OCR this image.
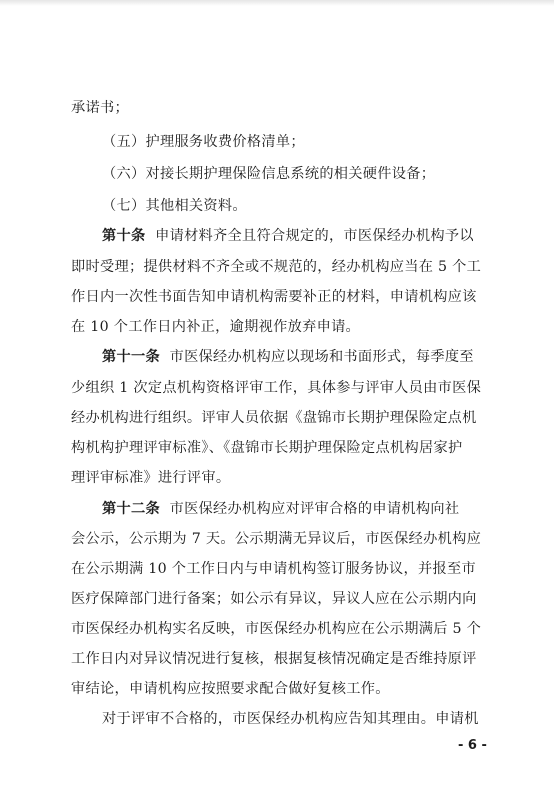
承诺书；
（五）护理服务收费价格清单；
（六）对接长期护理保险信息系统的相关硬件设备；
（七）其他相关资料。
第十条 申请材料齐全且符合规定的，市医保经办机构予以
即时受理；提供材料不齐全或不规范的，经办机构应当在 5 个工
作日内一次性书面告知申请机构需要补正的材料，申请机构应该
在 10 个工作日内补正，逾期视作放弃申请。
第十一条 市医保经办机构应以现场和书面形式，每季度至
少组织 1 次定点机构资格评审工作，具体参与评审人员由市医保
经办机构进行组织。评审人员依据《盘锦市长期护理保险定点机
构机构护理评审标准》、《盘锦市长期护理保险定点机构居家护
理评审标准》进行评审。
第十二条 市医保经办机构应对评审合格的申请机构向社
会公示，公示期为 7 天。公示期满无异议后，市医保经办机构应
在公示期满 10 个工作日内与申请机构签订服务协议，并报至市
医疗保障部门进行备案；如公示有异议，异议人应在公示期内向
市医保经办机构实名反映，市医保经办机构应在公示期满后 5 个
工作日内对异议情况进行复核，根据复核情况确定是否维持原评
审结论，申请机构应按照要求配合做好复核工作。
对于评审不合格的，市医保经办机构应告知其理由。申请机
- 6 -
